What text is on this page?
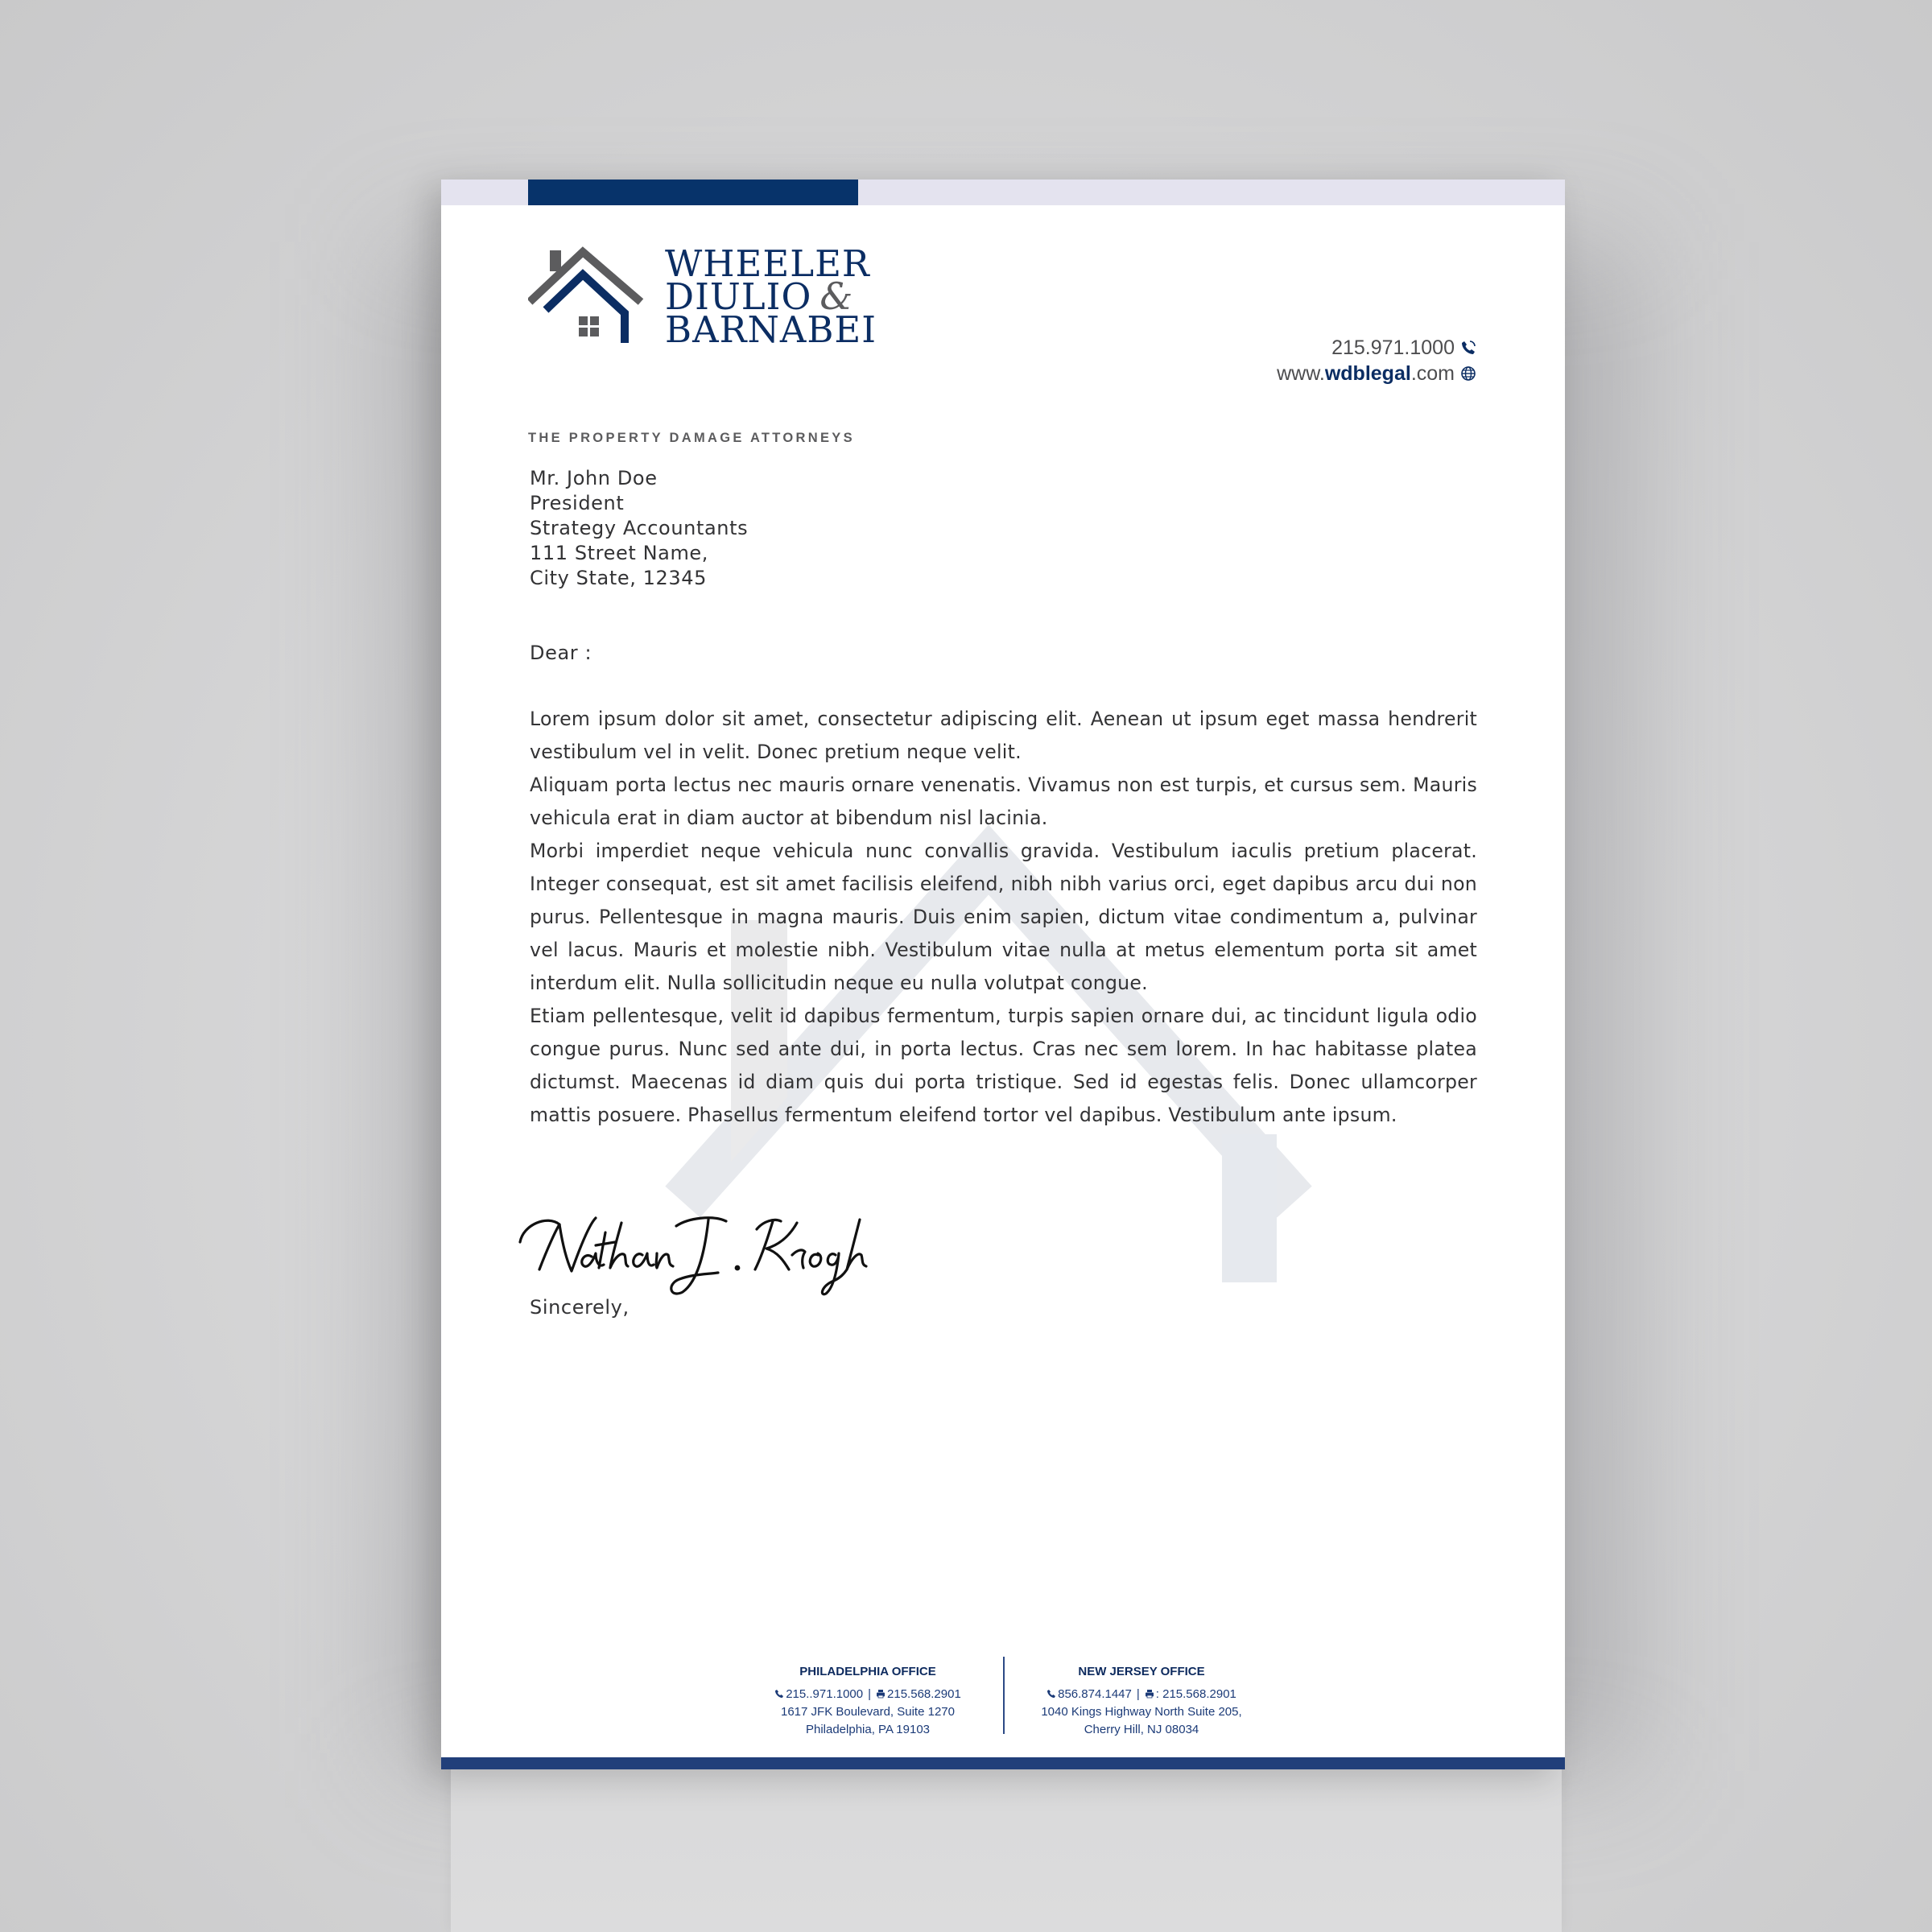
WHEELER
DIULIO &
BARNABEI
THE PROPERTY DAMAGE ATTORNEYS
215.971.1000
www.wdblegal.com
Mr. John Doe
President
Strategy Accountants
111 Street Name,
City State, 12345
Dear :

Lorem ipsum dolor sit amet, consectetur adipiscing elit. Aenean ut ipsum eget massa hendrerit vestibulum vel in velit. Donec pretium neque velit.

Aliquam porta lectus nec mauris ornare venenatis. Vivamus non est turpis, et cursus sem. Mauris vehicula erat in diam auctor at bibendum nisl lacinia.

Morbi imperdiet neque vehicula nunc convallis gravida. Vestibulum iaculis pretium placerat. Integer consequat, est sit amet facilisis eleifend, nibh nibh varius orci, eget dapibus arcu dui non purus. Pellentesque in magna mauris. Duis enim sapien, dictum vitae condimentum a, pulvinar vel lacus. Mauris et molestie nibh. Vestibulum vitae nulla at metus elementum porta sit amet interdum elit. Nulla sollicitudin neque eu nulla volutpat congue.

Etiam pellentesque, velit id dapibus fermentum, turpis sapien ornare dui, ac tincidunt ligula odio congue purus. Nunc sed ante dui, in porta lectus. Cras nec sem lorem. In hac habitasse platea dictumst. Maecenas id diam quis dui porta tristique. Sed id egestas felis. Donec ullamcorper mattis posuere. Phasellus fermentum eleifend tortor vel dapibus. Vestibulum ante ipsum.

Sincerely,
PHILADELPHIA OFFICE
215..971.1000 | 215.568.2901
1617 JFK Boulevard, Suite 1270
Philadelphia, PA 19103
NEW JERSEY OFFICE
856.874.1447 | : 215.568.2901
1040 Kings Highway North Suite 205,
Cherry Hill, NJ 08034
